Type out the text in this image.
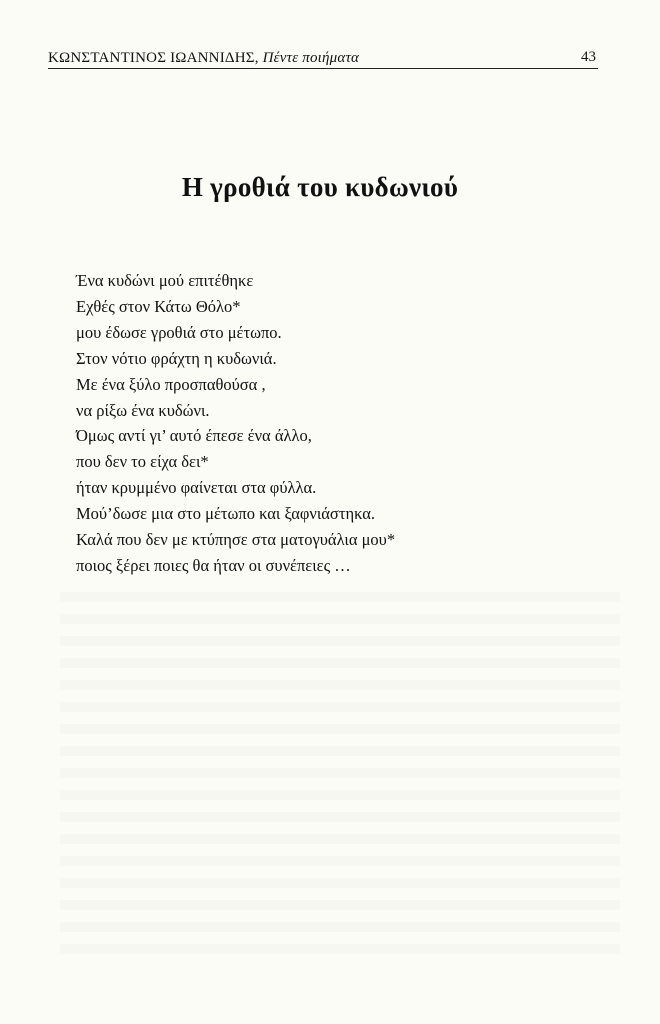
ΚΩΝΣΤΑΝΤΙΝΟΣ ΙΩΑΝΝΙΔΗΣ, Πέντε ποιήματα	43
Η γροθιά του κυδωνιού
Ένα κυδώνι μού επιτέθηκε
Εχθές στον Κάτω Θόλο*
μου έδωσε γροθιά στο μέτωπο.
Στον νότιο φράχτη η κυδωνιά.
Με ένα ξύλο προσπαθούσα ,
να ρίξω ένα κυδώνι.
Όμως αντί γι’ αυτό έπεσε ένα άλλο,
που δεν το είχα δει*
ήταν κρυμμένο φαίνεται στα φύλλα.
Μού’δωσε μια στο μέτωπο και ξαφνιάστηκα.
Καλά που δεν με κτύπησε στα ματογυάλια μου*
ποιος ξέρει ποιες θα ήταν οι συνέπειες …
